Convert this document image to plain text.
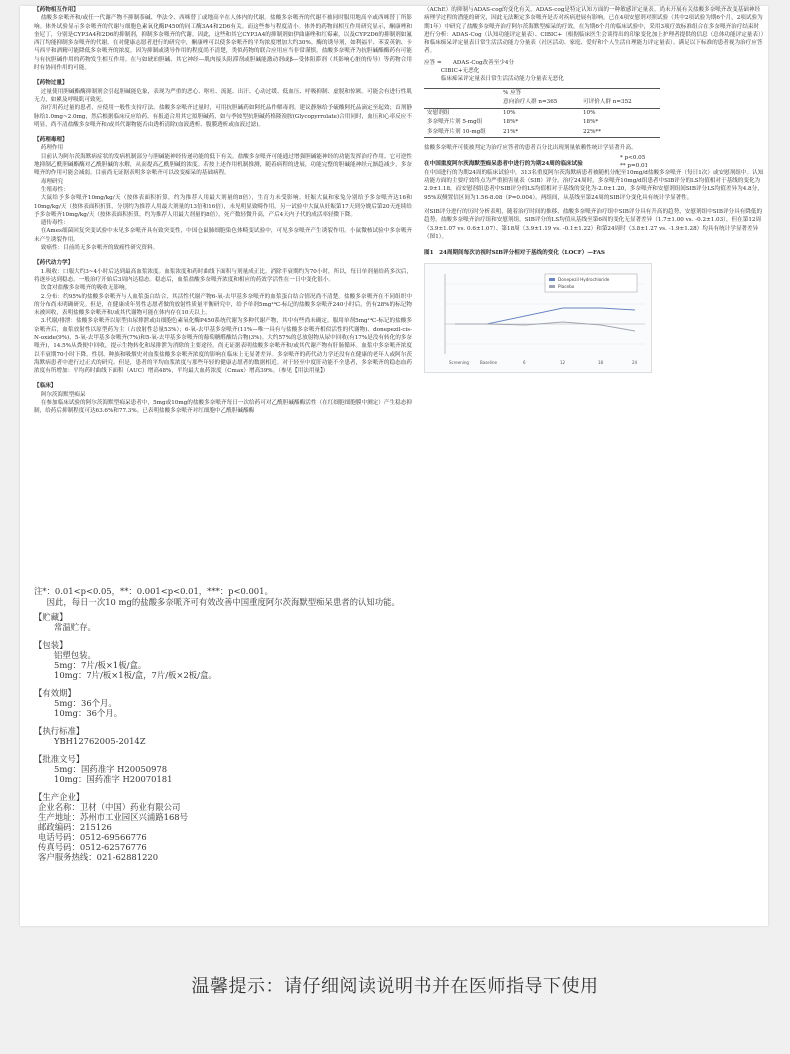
【药物相互作用】
盐酸多奈哌齐和/或任一代谢产物不抑制茶碱、华法令、西咪替丁或地高辛在人体内的代谢。盐酸多奈哌齐的代谢不被同时服用地高辛或西咪替丁所影响。体外试验显示多奈哌齐的代谢与细胞色素氧化酶P450的同工酶3A4和2D6有关。而这些参与程度清小。体外的药物间相互作用研究显示，酮康唑和奎尼丁，分别是CYP3A4和2D6的抑制剂，抑制多奈哌齐的代谢。因此，这些和其它CYP3A4的抑制剂如伊曲康唑和红霉素，以及CYP2D6的抑制剂如氟西汀均能抑制多奈哌齐的代谢。在对健康志愿者进行的研究中，酮康唑可以使多奈哌齐的平均浓度增加大约30%。酶的诱导剂，如利福平、苯妥英钠、卡马西平和酒精可能降低多奈哌齐的浓度。因为抑制或诱导作用的程度尚不清楚，类似药物的联合应用应当非常谨慎。盐酸多奈哌齐为抗胆碱酯酶药有可能与有抗胆碱作用的药物发生相互作用。在与如琥珀胆碱、其它神经—肌肉接头阻滞剂或胆碱能激动剂或β—受体阻滞剂（其影响心脏的传导）等药物合用时有协同作用的可能。
【药物过量】
过量使用胆碱酯酶抑制剂会引起胆碱能危象，表现为严重的恶心、呕吐、流涎、出汗、心动过缓、低血压、呼吸抑制、虚脱和惊厥。可能会有进行性肌无力，如累及呼吸肌可致死。
治疗用药过量的患者，应使用一般性支持疗法。盐酸多奈哌齐过量时，可用抗胆碱药如阿托品作解毒剂。建议静脉给予硫酸阿托品滴定至起效；首剂静脉给1.0mg~2.0mg，然后根据临床反应给药。有报道合用其它拟胆碱药，如与季铵型抗胆碱药格隆溴胺(Glycopyrrolate)合用同时，血压和心率反应不明显，尚不清盐酸多奈哌齐和/或其代谢物能否由透析清除(血液透析、腹膜透析或血液过滤)。
【药理毒理】
药理作用
目前认为阿尔茨海默病症状的发病机制部分与胆碱能神经传递功能的低下有关。盐酸多奈哌齐可能通过增强胆碱能神经的功能发挥治疗作用。它可逆性地抑制乙酰胆碱酯酶对乙酰胆碱的水解，从而提高乙酰胆碱的浓度。若按上述作用机制推测，随着病程的进展，功能完整的胆碱能神经元渐趋减少，多奈哌齐的作用可能会减弱。目前尚无证据表明多奈哌齐可以改变痴呆的基础病程。
毒理研究
生殖毒性：
大鼠给予多奈哌齐10mg/kg/天（按体表面积折算，约为推荐人用最大剂量的8倍），生育力未受影响。妊娠大鼠和家兔分别给予多奈哌齐达16和10mg/kg/天（按体表面积折算，分别约为推荐人用最大剂量的13倍和16倍），未见明显致畸作用。另一试验中大鼠从妊娠第17天到分娩后第20天连续给予多奈哌齐10mg/kg/天（按体表面积折算，约为推荐人用最大剂量的8倍），死产数轻微升高，产后4天内子代的成活率轻微下降。
遗传毒性：
在Ames细菌回复突变试验中未见多奈哌齐具有致突变性，中国仓鼠肺细胞染色体畸变试验中，可见多奈哌齐产生诱裂作用。小鼠微核试验中多奈哌齐未产生诱裂作用。
致癌性：目前尚无多奈哌齐的致癌性研究资料。
【药代动力学】
1.吸收：口服大约3~4小时后达到最高血浆浓度。血浆浓度和药时曲线下面积与剂量成正比。消除半衰期约为70小时，所以，每日单剂量给药多次后，将逐步达到稳态。一般治疗开始后3周内达稳态。稳态后，血浆盐酸多奈哌齐浓度和相应的药效学活性在一日中变化很小。
饮食对盐酸多奈哌齐的吸收无影响。
2.分布：约95%的盐酸多奈哌齐与人血浆蛋白结合，其活性代谢产物6-氧-去甲基多奈哌齐的血浆蛋白结合情况尚不清楚。盐酸多奈哌齐在不同组织中的分布尚未明确研究。但是，在健康成年男性志愿者做的放射性质量平衡研究中，给予单剂5mg¹⁴C-标记的盐酸多奈哌齐240小时后，仍有28%的标记物未被回收，表明盐酸多奈哌齐和/或其代谢物可能在体内存在10天以上。
3.代谢/排泄：盐酸多奈哌齐以原型由尿排泄或由细胞色素氧化酶P450系统代谢为多种代谢产物，其中有些尚未确定。服用单剂5mg¹⁴C-标记的盐酸多奈哌齐后，血浆放射性以原型药为主（占放射性总量53%）；6-氧-去甲基多奈哌齐(11%—唯一具有与盐酸多奈哌齐相似活性的代谢物)、donepezil-cis-N-oxide(9%)、5-氧-去甲基多奈哌齐(7%)和5-氧-去甲基多奈哌齐的葡萄糖醛酸结合物(3%)。大约57%的总放射物从尿中回收(有17%是没有转化的多奈哌齐)，14.5%从粪便中回收，提示生物转化和尿排泄为消除的主要途径。尚无证据表明盐酸多奈哌齐和/或其代谢产物有肝肠循环。血浆中多奈哌齐浓度以半衰期70小时下降。性别、种族和吸烟史对血浆盐酸多奈哌齐浓度的影响在临床上无显著差异。多奈哌齐的药代动力学还没有在健康的老年人或阿尔茨海默病患者中进行过正式的研究。但是，患者的平均血浆浓度与那些年轻的健康志愿者的数据相近。对于轻至中度肝功能不全患者，多奈哌齐的稳态血药浓度有所增加：平均药时曲线下面积（AUC）增高48%，平均最大血药浓度（Cmax）增高39%。（参见【用法用量】）
【临床】
阿尔茨海默型痴呆
在参加临床试验的阿尔茨海默型痴呆患者中，5mg或10mg的盐酸多奈哌齐每日一次给药可对乙酰胆碱酯酶活性（在红细胞细胞膜中测定）产生稳态抑制，给药后抑制程度可达63.6%和77.3%。已表明盐酸多奈哌齐对红细胞中乙酰胆碱酯酶
（AChE）的抑制与ADAS-cog的变化有关，ADAS-cog是特定认知方面的一种敏感评定量表。尚未开展有关盐酸多奈哌齐改变基础神经病理学过程的潜能的研究，因此无法断定多奈哌齐是否对疾病进展有影响。已在4项安慰剂对照试验（其中2项试验为期6个月，2项试验为期1年）中研究了盐酸多奈哌齐治疗阿尔茨海默型痴呆的疗效。在为期6个月的临床试验中，采用3项疗效标准组合在多奈哌齐治疗结束时进行分析：ADAS-Cog（认知功能评定量表）、CIBIC+（根据临床医生会谈得出的印象变化加上护理者提供的信息（总体功能评定量表））和临床痴呆评定量表日常生活活动能力分量表（社区活动、家庭、爱好和个人生活自理能力评定量表）。满足以下标准的患者视为治疗应答者。
应答 =　　ADAS-Cog改善至少4分
　　　CIBIC+无恶化
　　　临床痴呆评定量表日常生活活动能力分量表无恶化
	% 应答	
	意向治疗人群 n=365	可评价人群 n=352
安慰剂组	10%	10%
多奈哌齐片剂 5-mg组	18%*	18%*
多奈哌齐片剂 10-mg组	21%*	22%**
* p<0.05
** p=0.01
盐酸多奈哌齐可使被判定为治疗应答者的患者百分比出现剂量依赖性统计学显著升高。
在中国重度阿尔茨海默型痴呆患者中进行的为期24周的临床试验
在中国进行的为期24周的临床试验中，313名重度阿尔茨海默病患者被随机分配至10mg/d盐酸多奈哌齐（每日1次）或安慰剂组中。认知功能方面的主要疗效终点为严重损害量表（SIB）评分。治疗24周时，多奈哌齐10mg/d组患者中SIB评分的LS均值相对于基线的变化为2.9±1.18，而安慰剂组患者中SIB评分的LS均值相对于基线的变化为-2.0±1.20，多奈哌齐和安慰剂组间SIB评分LS均值差异为4.8分，95%双侧置信区间为1.56-8.08（P=0.004）。两组间，从基线至第24周的SIB评分变化具有统计学显著性。
对SIB评分进行的历时分析表明，随着治疗时间的推移，盐酸多奈哌齐治疗组中SIB评分具有升高的趋势，安慰剂组中SIB评分具有降低的趋势。盐酸多奈哌齐治疗组和安慰剂组，SIB评分的LS均值从基线至第6周的变化无显著差异（1.7±1.00 vs. -0.2±1.03），但在第12周（3.9±1.07 vs. 0.6±1.07）、第18周（3.9±1.19 vs. -0.1±1.22）和第24周时（3.8±1.27 vs. -1.9±1.28）均具有统计学显著差异（图1）。
图1　24周期间每次访视时SIB评分相对于基线的变化（LOCF）—FAS
Donepezil Hydrochloride
Placebo
Screening	Baseline	6	12	18	24
注*：0.01<p<0.05，**：0.001<p<0.01，***：p<0.001。
因此，每日一次10 mg的盐酸多奈哌齐可有效改善中国重度阿尔茨海默型痴呆患者的认知功能。
【贮藏】
常温贮存。
【包装】
铝塑包装。
5mg：7片/板×1板/盒。
10mg：7片/板×1板/盒，7片/板×2板/盒。
【有效期】
5mg：36个月。
10mg：36个月。
【执行标准】
YBH12762005-2014Z
【批准文号】
5mg：国药准字 H20050978
10mg：国药准字 H20070181
【生产企业】
企业名称：卫材（中国）药业有限公司
生产地址：苏州市工业园区兴浦路168号
邮政编码：215126
电话号码：0512-69566776
传真号码：0512-62576776
客户服务热线：021-62881220
温馨提示：请仔细阅读说明书并在医师指导下使用
